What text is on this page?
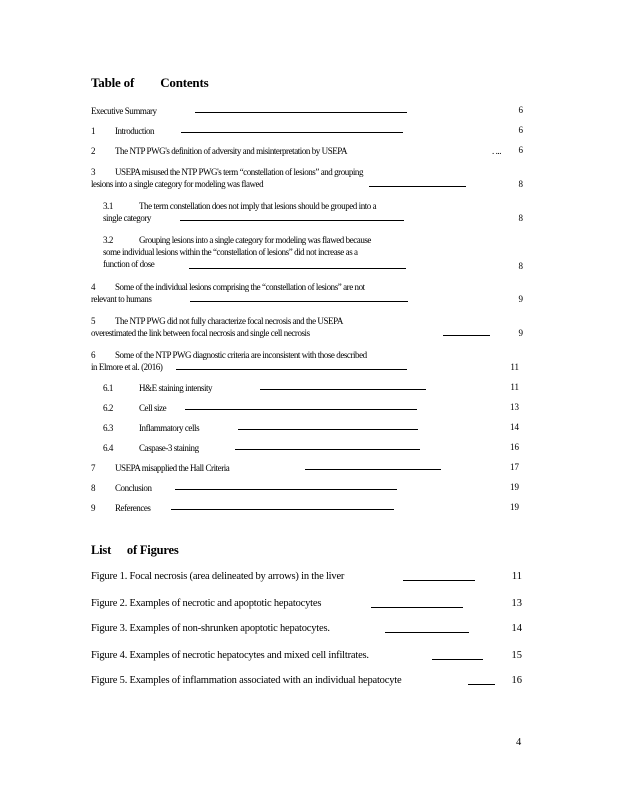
Table of Contents
Executive Summary	6
1 Introduction	6
2 The NTP PWG's definition of adversity and misinterpretation by USEPA	. ...	6
3 USEPA misused the NTP PWG's term “constellation of lesions” and grouping
lesions into a single category for modeling was flawed	8
3.1	The term constellation does not imply that lesions should be grouped into a
single category	8
3.2	Grouping lesions into a single category for modeling was flawed because
some individual lesions within the “constellation of lesions” did not increase as a
function of dose	8
4 Some of the individual lesions comprising the “constellation of lesions” are not
relevant to humans	9
5 The NTP PWG did not fully characterize focal necrosis and the USEPA
overestimated the link between focal necrosis and single cell necrosis	9
6 Some of the NTP PWG diagnostic criteria are inconsistent with those described
in Elmore et al. (2016)	11
6.1	H&E staining intensity	11
6.2	Cell size	13
6.3	Inflammatory cells	14
6.4	Caspase-3 staining	16
7 USEPA misapplied the Hall Criteria	17
8 Conclusion	19
9 References	19
List of Figures
Figure 1. Focal necrosis (area delineated by arrows) in the liver	11
Figure 2. Examples of necrotic and apoptotic hepatocytes	13
Figure 3. Examples of non-shrunken apoptotic hepatocytes.	14
Figure 4. Examples of necrotic hepatocytes and mixed cell infiltrates.	15
Figure 5. Examples of inflammation associated with an individual hepatocyte	16
4
